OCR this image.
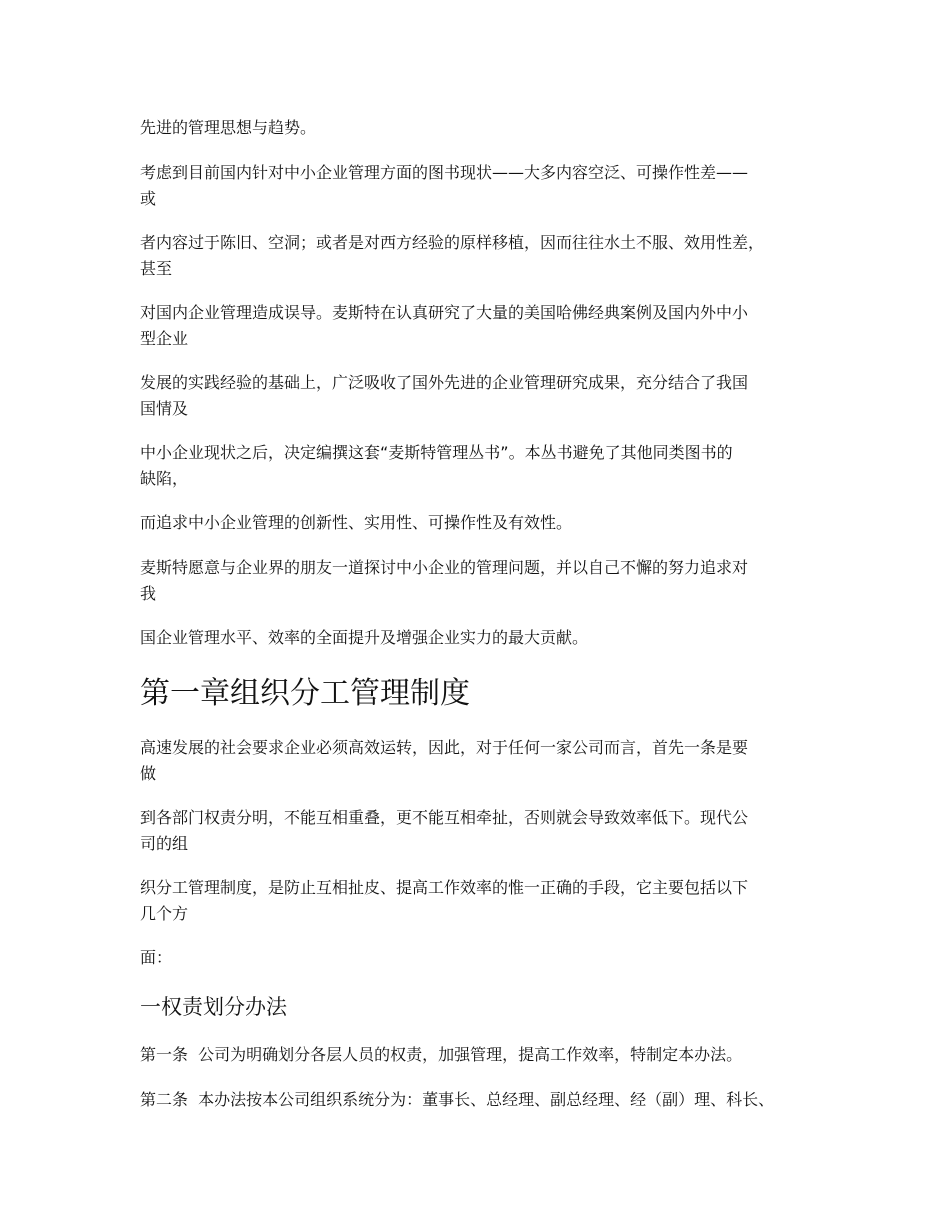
先进的管理思想与趋势。
考虑到目前国内针对中小企业管理方面的图书现状——大多内容空泛、可操作性差——
或
者内容过于陈旧、空洞；或者是对西方经验的原样移植，因而往往水土不服、效用性差，
甚至
对国内企业管理造成误导。麦斯特在认真研究了大量的美国哈佛经典案例及国内外中小
型企业
发展的实践经验的基础上，广泛吸收了国外先进的企业管理研究成果，充分结合了我国
国情及
中小企业现状之后，决定编撰这套“麦斯特管理丛书”。本丛书避免了其他同类图书的
缺陷，
而追求中小企业管理的创新性、实用性、可操作性及有效性。
麦斯特愿意与企业界的朋友一道探讨中小企业的管理问题，并以自己不懈的努力追求对
我
国企业管理水平、效率的全面提升及增强企业实力的最大贡献。
第一章组织分工管理制度
高速发展的社会要求企业必须高效运转，因此，对于任何一家公司而言，首先一条是要
做
到各部门权责分明，不能互相重叠，更不能互相牵扯，否则就会导致效率低下。现代公
司的组
织分工管理制度，是防止互相扯皮、提高工作效率的惟一正确的手段，它主要包括以下
几个方
面：
一权责划分办法
第一条  公司为明确划分各层人员的权责，加强管理，提高工作效率，特制定本办法。
第二条  本办法按本公司组织系统分为：董事长、总经理、副总经理、经（副）理、科长、
